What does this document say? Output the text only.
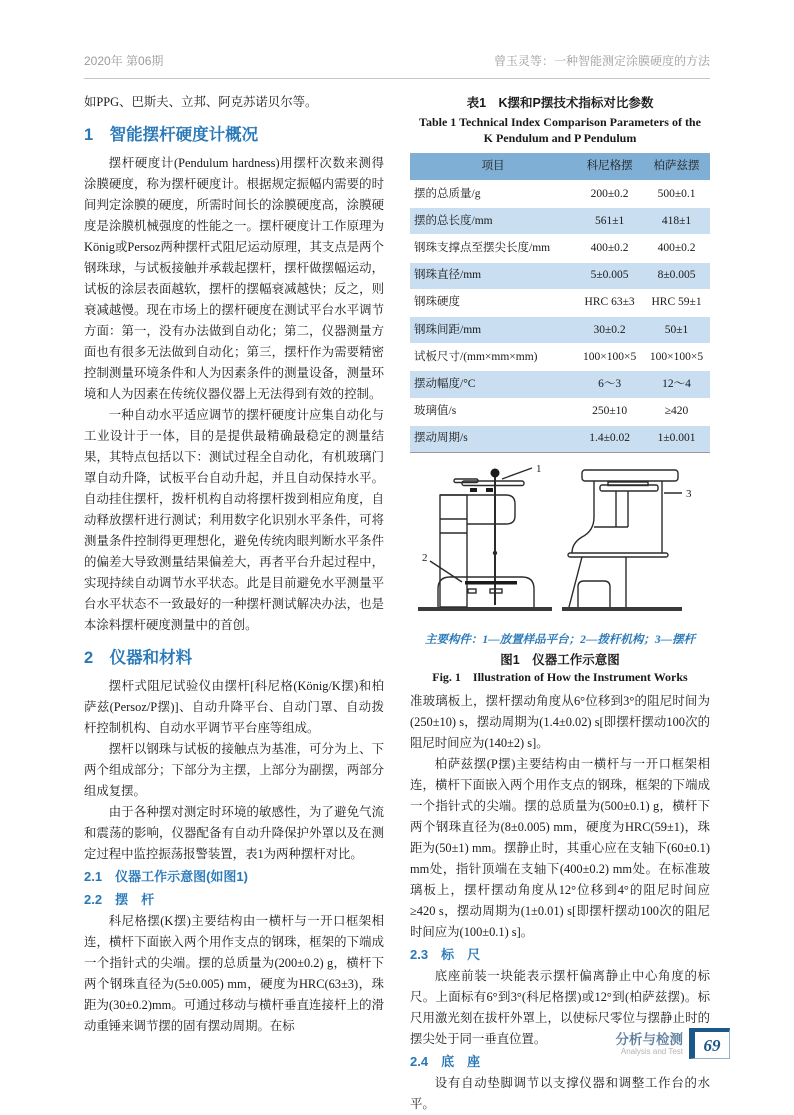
2020年 第06期	曾玉灵等：一种智能测定涂膜硬度的方法

如PPG、巴斯夫、立邦、阿克苏诺贝尔等。

1　智能摆杆硬度计概况

摆杆硬度计(Pendulum hardness)用摆杆次数来测得涂膜硬度，称为摆杆硬度计。根据规定振幅内需要的时间判定涂膜的硬度，所需时间长的涂膜硬度高，涂膜硬度是涂膜机械强度的性能之一。摆杆硬度计工作原理为König或Persoz两种摆杆式阻尼运动原理，其支点是两个钢珠球，与试板接触并承载起摆杆，摆杆做摆幅运动，试板的涂层表面越软，摆杆的摆幅衰减越快；反之，则衰减越慢。现在市场上的摆杆硬度在测试平台水平调节方面：第一，没有办法做到自动化；第二，仪器测量方面也有很多无法做到自动化；第三，摆杆作为需要精密控制测量环境条件和人为因素条件的测量设备，测量环境和人为因素在传统仪器仪器上无法得到有效的控制。

一种自动水平适应调节的摆杆硬度计应集自动化与工业设计于一体，目的是提供最精确最稳定的测量结果，其特点包括以下：测试过程全自动化，有机玻璃门罩自动升降，试板平台自动升起，并且自动保持水平。自动挂住摆杆，拨杆机构自动将摆杆拨到相应角度，自动释放摆杆进行测试；利用数字化识别水平条件，可将测量条件控制得更理想化，避免传统肉眼判断水平条件的偏差大导致测量结果偏差大，再者平台升起过程中，实现持续自动调节水平状态。此是目前避免水平测量平台水平状态不一致最好的一种摆杆测试解决办法，也是本涂料摆杆硬度测量中的首创。

2　仪器和材料

摆杆式阻尼试验仪由摆杆[科尼格(König/K摆)和柏萨兹(Persoz/P摆)]、自动升降平台、自动门罩、自动拨杆控制机构、自动水平调节平台座等组成。

摆杆以钢珠与试板的接触点为基准，可分为上、下两个组成部分；下部分为主摆，上部分为副摆，两部分组成复摆。

由于各种摆对测定时环境的敏感性，为了避免气流和震荡的影响，仪器配备有自动升降保护外罩以及在测定过程中监控振荡报警装置，表1为两种摆杆对比。

2.1　仪器工作示意图(如图1)
2.2　摆　杆

科尼格摆(K摆)主要结构由一横杆与一开口框架相连，横杆下面嵌入两个用作支点的钢珠，框架的下端成一个指针式的尖端。摆的总质量为(200±0.2) g，横杆下两个钢珠直径为(5±0.005) mm，硬度为HRC(63±3)，珠距为(30±0.2)mm。可通过移动与横杆垂直连接杆上的滑动重锤来调节摆的固有摆动周期。在标

表1　K摆和P摆技术指标对比参数
Table 1 Technical Index Comparison Parameters of the K Pendulum and P Pendulum
项目	科尼格摆	柏萨兹摆
摆的总质量/g	200±0.2	500±0.1
摆的总长度/mm	561±1	418±1
钢珠支撑点至摆尖长度/mm	400±0.2	400±0.2
钢珠直径/mm	5±0.005	8±0.005
钢珠硬度	HRC 63±3	HRC 59±1
钢珠间距/mm	30±0.2	50±1
试板尺寸/(mm×mm×mm)	100×100×5	100×100×5
摆动幅度/°C	6～3	12～4
玻璃值/s	250±10	≥420
摆动周期/s	1.4±0.02	1±0.001
1
2
3
主要构件：1—放置样品平台；2—拨杆机构；3—摆杆
图1　仪器工作示意图
Fig. 1　Illustration of How the Instrument Works

准玻璃板上，摆杆摆动角度从6°位移到3°的阻尼时间为(250±10) s，摆动周期为(1.4±0.02) s[即摆杆摆动100次的阻尼时间应为(140±2) s]。

柏萨兹摆(P摆)主要结构由一横杆与一开口框架相连，横杆下面嵌入两个用作支点的钢珠，框架的下端成一个指针式的尖端。摆的总质量为(500±0.1) g，横杆下两个钢珠直径为(8±0.005) mm，硬度为HRC(59±1)，珠距为(50±1) mm。摆静止时，其重心应在支轴下(60±0.1) mm处，指针顶端在支轴下(400±0.2) mm处。在标准玻璃板上，摆杆摆动角度从12°位移到4°的阻尼时间应≥420 s，摆动周期为(1±0.01) s[即摆杆摆动100次的阻尼时间应为(100±0.1) s]。

2.3　标　尺

底座前装一块能表示摆杆偏离静止中心角度的标尺。上面标有6°到3°(科尼格摆)或12°到(柏萨兹摆)。标尺用激光刻在拔杆外罩上，以使标尺零位与摆静止时的摆尖处于同一垂直位置。

2.4　底　座

设有自动垫脚调节以支撑仪器和调整工作台的水平。

分析与检测
Analysis and Test 69
